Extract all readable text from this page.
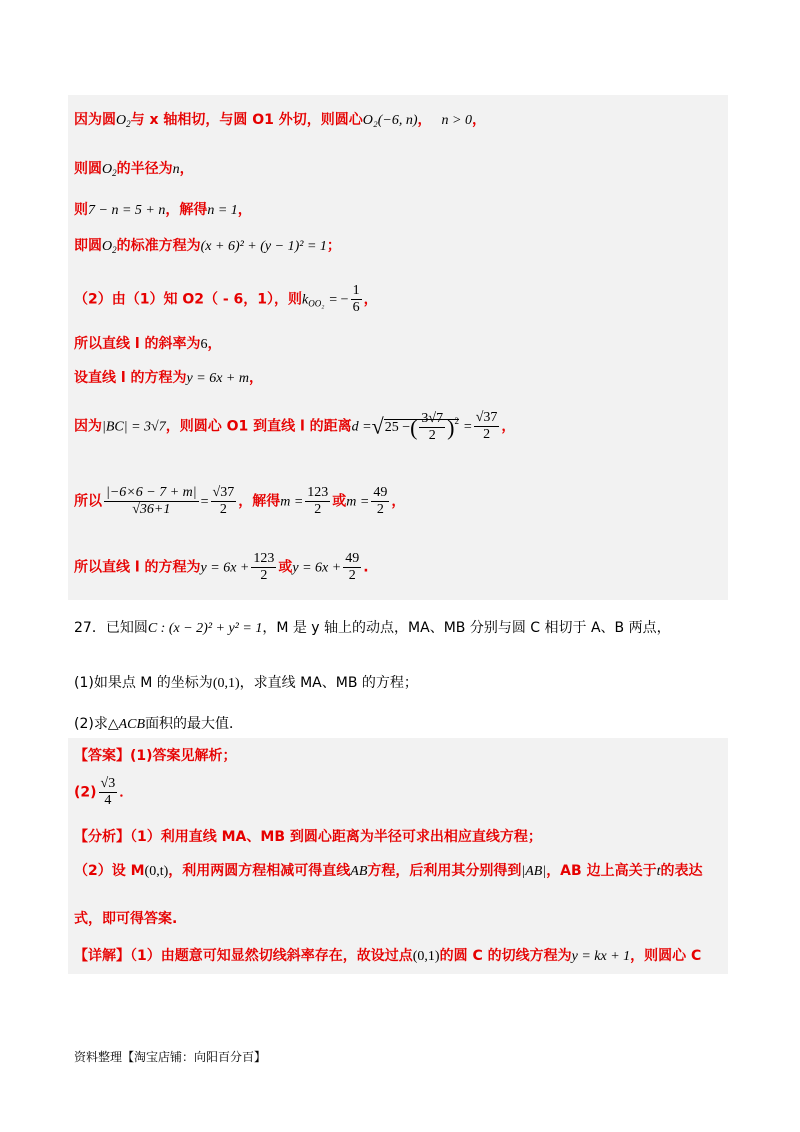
因为圆$O_2$与 x 轴相切，与圆 O1 外切，则圆心O₂(−6, n)， n > 0，
则圆$O_2$的半径为n，
则7 − n = 5 + n，解得n = 1，
即圆$O_2$的标准方程为(x + 6)² + (y − 1)² = 1；
（2）由（1）知 O2（ - 6，1），则$k_{OO_2}$ = − $\frac{1}{6}$ ，
所以直线 l 的斜率为6，
设直线 l 的方程为y = 6x + m，
因为|BC| = 3√7，则圆心 O1 到直线 l 的距离d =√25 −( $\frac{3√7}{2} )^2 = \frac{√37}{2}$ ，
所以 $\frac{|-6\times 6 - 7 + m|}{√36+1} = \frac{√37}{2}$ ，解得$m = \frac{123}{2}$ 或$m = \frac{49}{2}$ ，
所以直线 l 的方程为$y = 6x + \frac{123}{2}$ 或$y = 6x + \frac{49}{2}$ .
27．已知圆C : (x − 2)² + y² = 1，M 是 y 轴上的动点，MA、MB 分别与圆 C 相切于 A、B 两点，
(1)如果点 M 的坐标为(0,1)，求直线 MA、MB 的方程；
(2)求△ACB面积的最大值．
【答案】(1)答案见解析；
$(2) \frac{√3}{4}$ ．
【分析】（1）利用直线 MA、MB 到圆心距离为半径可求出相应直线方程；
（2）设 M(0,t)，利用两圆方程相减可得直线AB方程，后利用其分别得到|AB|，AB 边上高关于t的表达
式，即可得答案.
【详解】（1）由题意可知显然切线斜率存在，故设过点(0,1)的圆 C 的切线方程为y = kx + 1，则圆心 C
资料整理【淘宝店铺：向阳百分百】
